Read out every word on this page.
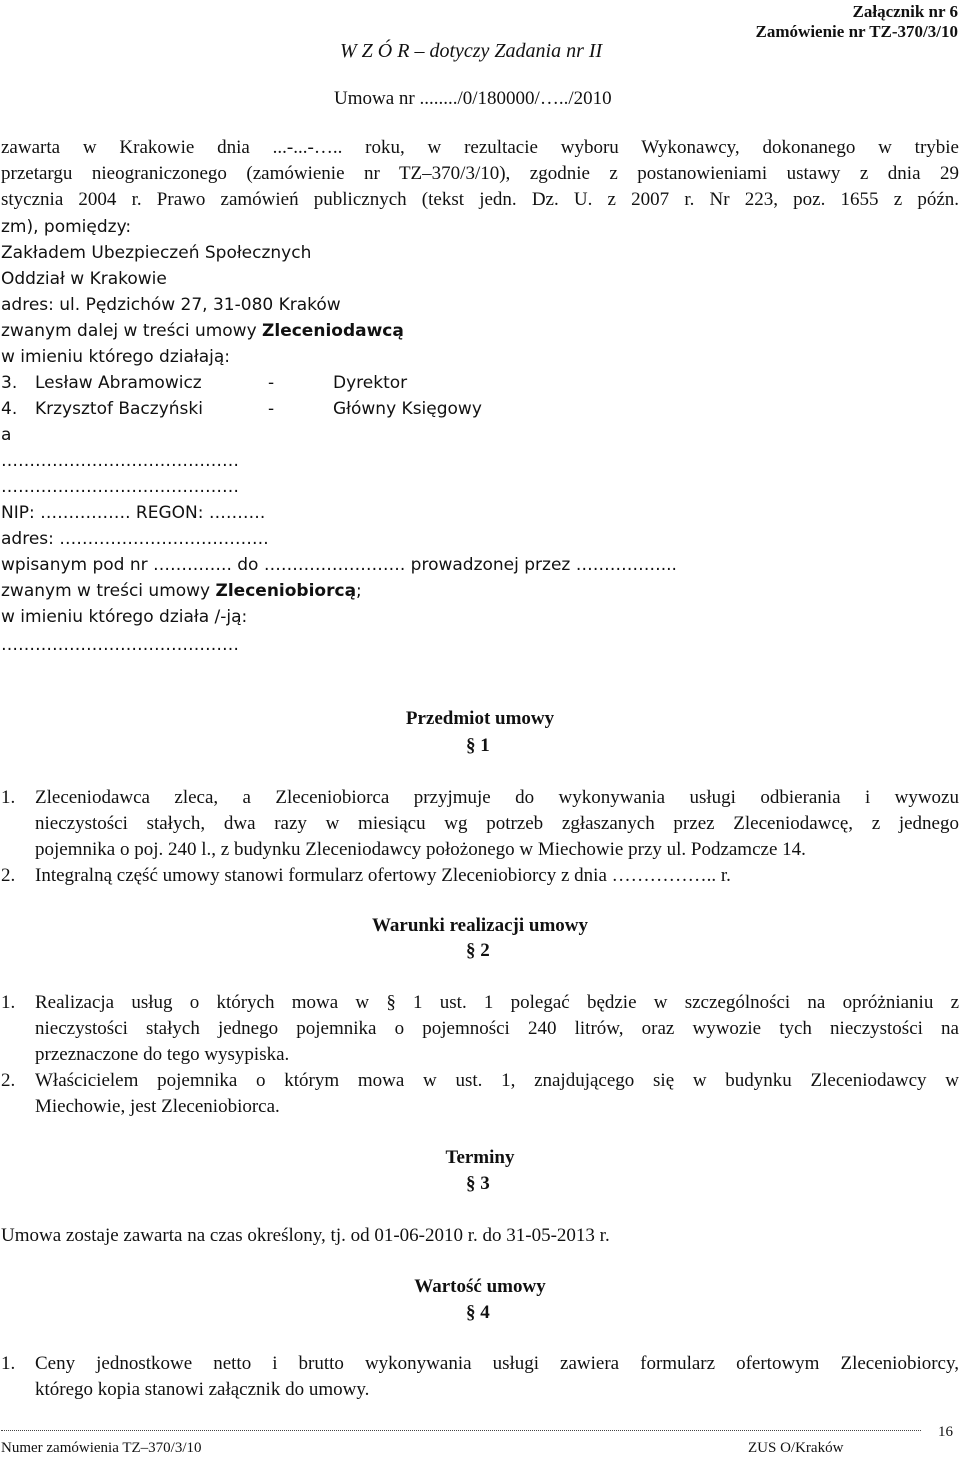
Załącznik nr 6
Zamówienie nr TZ-370/3/10
W Z Ó R – dotyczy Zadania nr II
Umowa nr ......../0/180000/…../2010
zawarta w Krakowie dnia ...-...-….. roku, w rezultacie wyboru Wykonawcy, dokonanego w trybie
przetargu nieograniczonego (zamówienie nr TZ–370/3/10), zgodnie z postanowieniami ustawy z dnia 29
stycznia 2004 r. Prawo zamówień publicznych (tekst jedn. Dz. U. z 2007 r. Nr 223, poz. 1655 z późn.
zm), pomiędzy:
Zakładem Ubezpieczeń Społecznych
Oddział w Krakowie
adres: ul. Pędzichów 27, 31-080 Kraków
zwanym dalej w treści umowy Zleceniodawcą
w imieniu którego działają:
3. Lesław Abramowicz	-	Dyrektor
4. Krzysztof Baczyński	-	Główny Księgowy
a
……………………………………
……………………………………
NIP: ……………. REGON: ……….
adres: ……………………………….
wpisanym pod nr ………….. do ……………………. prowadzonej przez ……………...
zwanym w treści umowy Zleceniobiorcą;
w imieniu którego działa /-ją:
……………………………………
Przedmiot umowy
§ 1
1. Zleceniodawca zleca, a Zleceniobiorca przyjmuje do wykonywania usługi odbierania i wywozu
nieczystości stałych, dwa razy w miesiącu wg potrzeb zgłaszanych przez Zleceniodawcę, z jednego
pojemnika o poj. 240 l., z budynku Zleceniodawcy położonego w Miechowie przy ul. Podzamcze 14.
2. Integralną część umowy stanowi formularz ofertowy Zleceniobiorcy z dnia …………….. r.
Warunki realizacji umowy
§ 2
1. Realizacja usług o których mowa w § 1 ust. 1 polegać będzie w szczególności na opróżnianiu z
nieczystości stałych jednego pojemnika o pojemności 240 litrów, oraz wywozie tych nieczystości na
przeznaczone do tego wysypiska.
2. Właścicielem pojemnika o którym mowa w ust. 1, znajdującego się w budynku Zleceniodawcy w
Miechowie, jest Zleceniobiorca.
Terminy
§ 3
Umowa zostaje zawarta na czas określony, tj. od 01-06-2010 r. do 31-05-2013 r.
Wartość umowy
§ 4
1. Ceny jednostkowe netto i brutto wykonywania usługi zawiera formularz ofertowym Zleceniobiorcy,
którego kopia stanowi załącznik do umowy.
16
Numer zamówienia TZ–370/3/10	ZUS O/Kraków
